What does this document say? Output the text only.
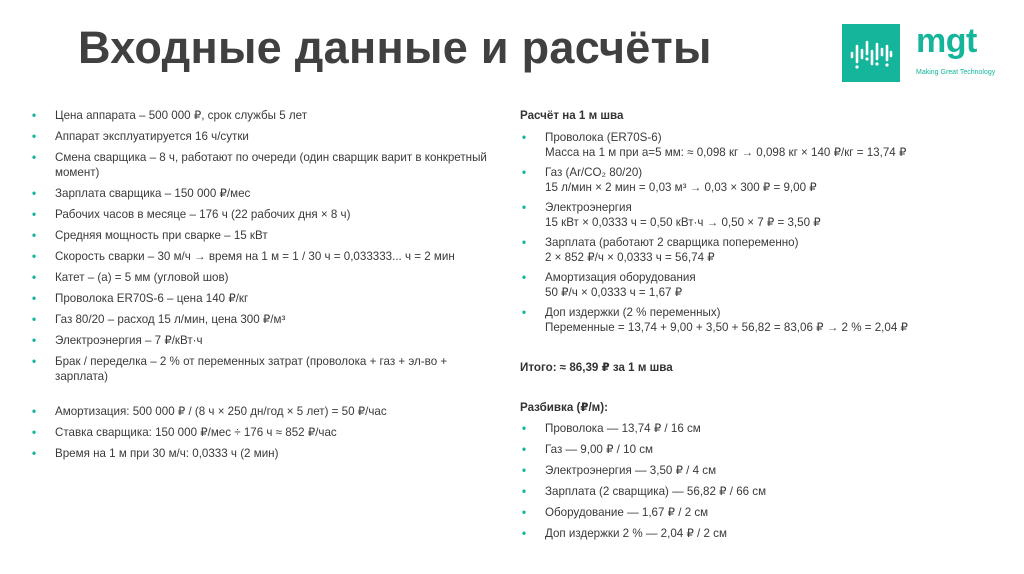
Входные данные и расчёты	mgt
Making Great Technology
• Цена аппарата – 500 000 ₽, срок службы 5 лет
• Аппарат эксплуатируется 16 ч/сутки
• Смена сварщика – 8 ч, работают по очереди (один сварщик варит в конкретный момент)
• Зарплата сварщика – 150 000 ₽/мес
• Рабочих часов в месяце – 176 ч (22 рабочих дня × 8 ч)
• Средняя мощность при сварке – 15 кВт
• Скорость сварки – 30 м/ч → время на 1 м = 1 / 30 ч = 0,033333... ч = 2 мин
• Катет – (a) = 5 мм (угловой шов)
• Проволока ER70S-6 – цена 140 ₽/кг
• Газ 80/20 – расход 15 л/мин, цена 300 ₽/м³
• Электроэнергия – 7 ₽/кВт·ч
• Брак / переделка – 2 % от переменных затрат (проволока + газ + эл-во + зарплата)
• Амортизация: 500 000 ₽ / (8 ч × 250 дн/год × 5 лет) = 50 ₽/час
• Ставка сварщика: 150 000 ₽/мес ÷ 176 ч ≈ 852 ₽/час
• Время на 1 м при 30 м/ч: 0,0333 ч (2 мин)
Расчёт на 1 м шва
• Проволока (ER70S-6)
Масса на 1 м при a=5 мм: ≈ 0,098 кг → 0,098 кг × 140 ₽/кг = 13,74 ₽
• Газ (Ar/CO₂ 80/20)
15 л/мин × 2 мин = 0,03 м³ → 0,03 × 300 ₽ = 9,00 ₽
• Электроэнергия
15 кВт × 0,0333 ч = 0,50 кВт·ч → 0,50 × 7 ₽ = 3,50 ₽
• Зарплата (работают 2 сварщика попеременно)
2 × 852 ₽/ч × 0,0333 ч = 56,74 ₽
• Амортизация оборудования
50 ₽/ч × 0,0333 ч = 1,67 ₽
• Доп издержки (2 % переменных)
Переменные = 13,74 + 9,00 + 3,50 + 56,82 = 83,06 ₽ → 2 % = 2,04 ₽
Итого: ≈ 86,39 ₽ за 1 м шва
Разбивка (₽/м):
• Проволока — 13,74 ₽ / 16 см
• Газ — 9,00 ₽ / 10 см
• Электроэнергия — 3,50 ₽ / 4 см
• Зарплата (2 сварщика) — 56,82 ₽ / 66 см
• Оборудование — 1,67 ₽ / 2 см
• Доп издержки 2 % — 2,04 ₽ / 2 см
